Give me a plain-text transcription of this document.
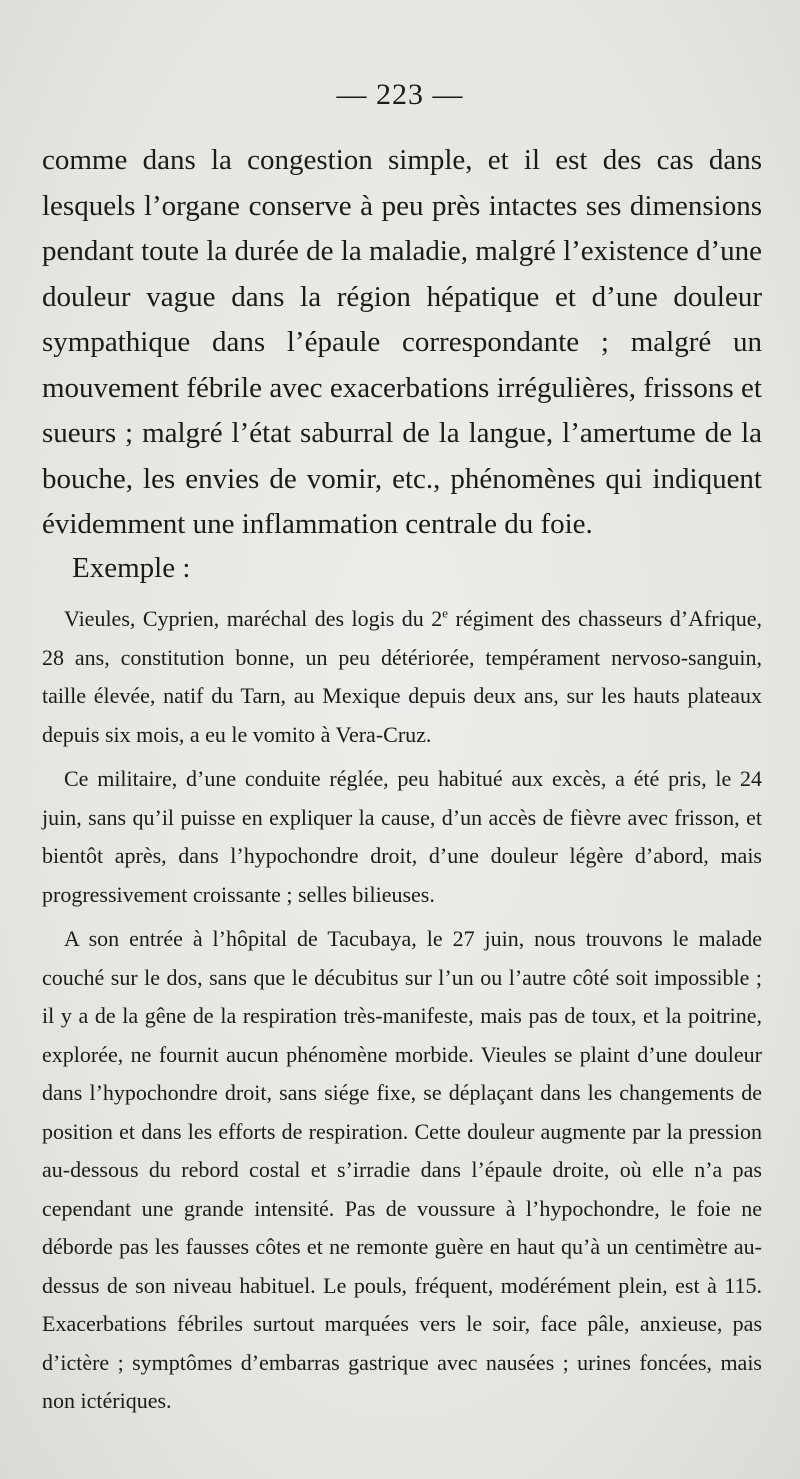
— 223 —

comme dans la congestion simple, et il est des cas dans lesquels l’organe conserve à peu près intactes ses dimensions pendant toute la durée de la maladie, malgré l’existence d’une douleur vague dans la région hépatique et d’une douleur sympathique dans l’épaule correspondante ; malgré un mouvement fébrile avec exacerbations irrégulières, frissons et sueurs ; malgré l’état saburral de la langue, l’amertume de la bouche, les envies de vomir, etc., phénomènes qui indiquent évidemment une inflammation centrale du foie.

Exemple :

Vieules, Cyprien, maréchal des logis du 2e régiment des chasseurs d’Afrique, 28 ans, constitution bonne, un peu détériorée, tempérament nervoso-sanguin, taille élevée, natif du Tarn, au Mexique depuis deux ans, sur les hauts plateaux depuis six mois, a eu le vomito à Vera-Cruz.

Ce militaire, d’une conduite réglée, peu habitué aux excès, a été pris, le 24 juin, sans qu’il puisse en expliquer la cause, d’un accès de fièvre avec frisson, et bientôt après, dans l’hypochondre droit, d’une douleur légère d’abord, mais progressivement croissante ; selles bilieuses.

A son entrée à l’hôpital de Tacubaya, le 27 juin, nous trouvons le malade couché sur le dos, sans que le décubitus sur l’un ou l’autre côté soit impossible ; il y a de la gêne de la respiration très-manifeste, mais pas de toux, et la poitrine, explorée, ne fournit aucun phénomène morbide. Vieules se plaint d’une douleur dans l’hypochondre droit, sans siége fixe, se déplaçant dans les changements de position et dans les efforts de respiration. Cette douleur augmente par la pression au-dessous du rebord costal et s’irradie dans l’épaule droite, où elle n’a pas cependant une grande intensité. Pas de voussure à l’hypochondre, le foie ne déborde pas les fausses côtes et ne remonte guère en haut qu’à un centimètre au-dessus de son niveau habituel. Le pouls, fréquent, modérément plein, est à 115. Exacerbations fébriles surtout marquées vers le soir, face pâle, anxieuse, pas d’ictère ; symptômes d’embarras gastrique avec nausées ; urines foncées, mais non ictériques.
